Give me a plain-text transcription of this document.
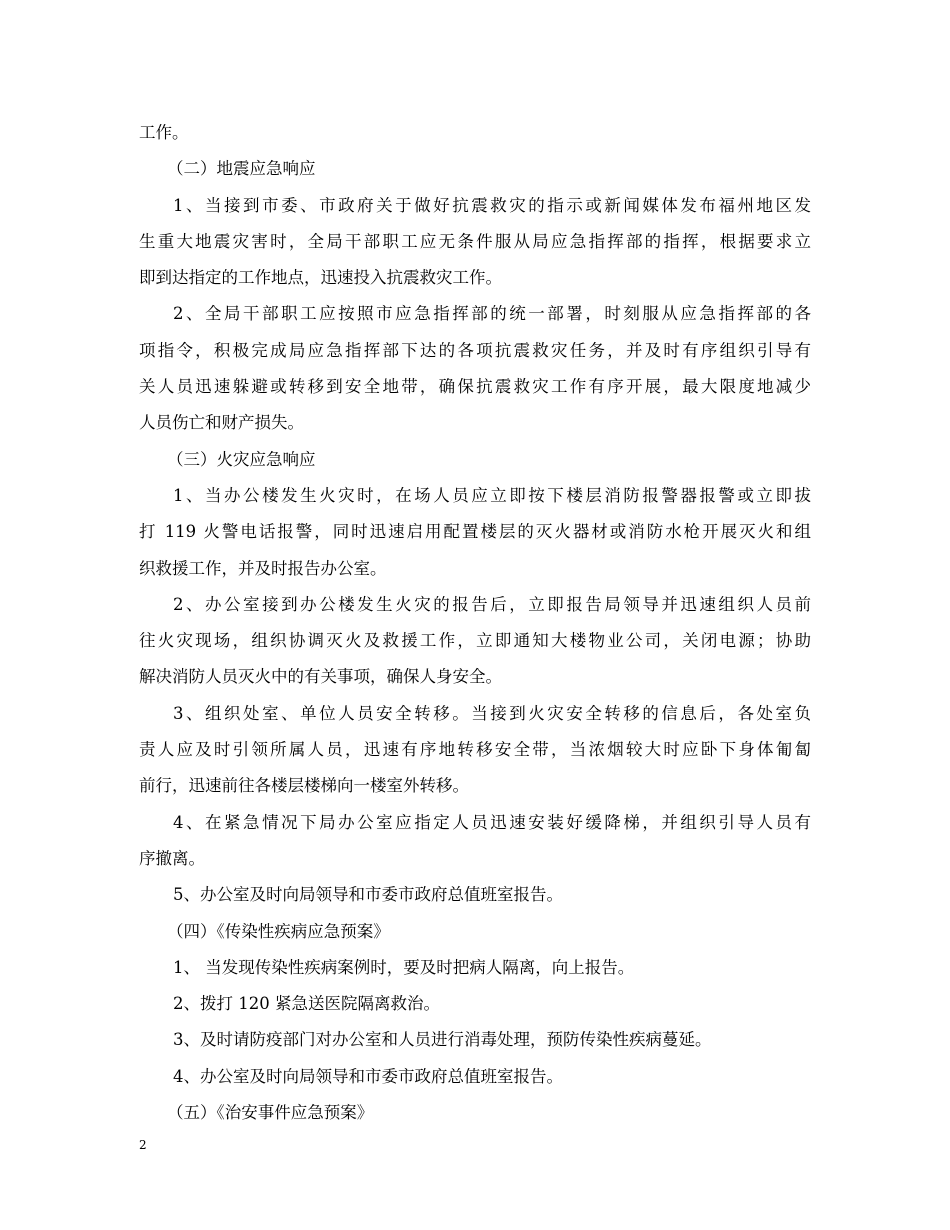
工作。
（二）地震应急响应
1、当接到市委、市政府关于做好抗震救灾的指示或新闻媒体发布福州地区发
生重大地震灾害时，全局干部职工应无条件服从局应急指挥部的指挥，根据要求立
即到达指定的工作地点，迅速投入抗震救灾工作。
2、全局干部职工应按照市应急指挥部的统一部署，时刻服从应急指挥部的各
项指令，积极完成局应急指挥部下达的各项抗震救灾任务，并及时有序组织引导有
关人员迅速躲避或转移到安全地带，确保抗震救灾工作有序开展，最大限度地减少
人员伤亡和财产损失。
（三）火灾应急响应
1、当办公楼发生火灾时，在场人员应立即按下楼层消防报警器报警或立即拔
打 119 火警电话报警，同时迅速启用配置楼层的灭火器材或消防水枪开展灭火和组
织救援工作，并及时报告办公室。
2、办公室接到办公楼发生火灾的报告后，立即报告局领导并迅速组织人员前
往火灾现场，组织协调灭火及救援工作，立即通知大楼物业公司，关闭电源；协助
解决消防人员灭火中的有关事项，确保人身安全。
3、组织处室、单位人员安全转移。当接到火灾安全转移的信息后，各处室负
责人应及时引领所属人员，迅速有序地转移安全带，当浓烟较大时应卧下身体匍匐
前行，迅速前往各楼层楼梯向一楼室外转移。
4、在紧急情况下局办公室应指定人员迅速安装好缓降梯，并组织引导人员有
序撤离。
5、办公室及时向局领导和市委市政府总值班室报告。
（四）《传染性疾病应急预案》
1、 当发现传染性疾病案例时，要及时把病人隔离，向上报告。
2、拨打 120 紧急送医院隔离救治。
3、及时请防疫部门对办公室和人员进行消毒处理，预防传染性疾病蔓延。
4、办公室及时向局领导和市委市政府总值班室报告。
（五）《治安事件应急预案》
2
